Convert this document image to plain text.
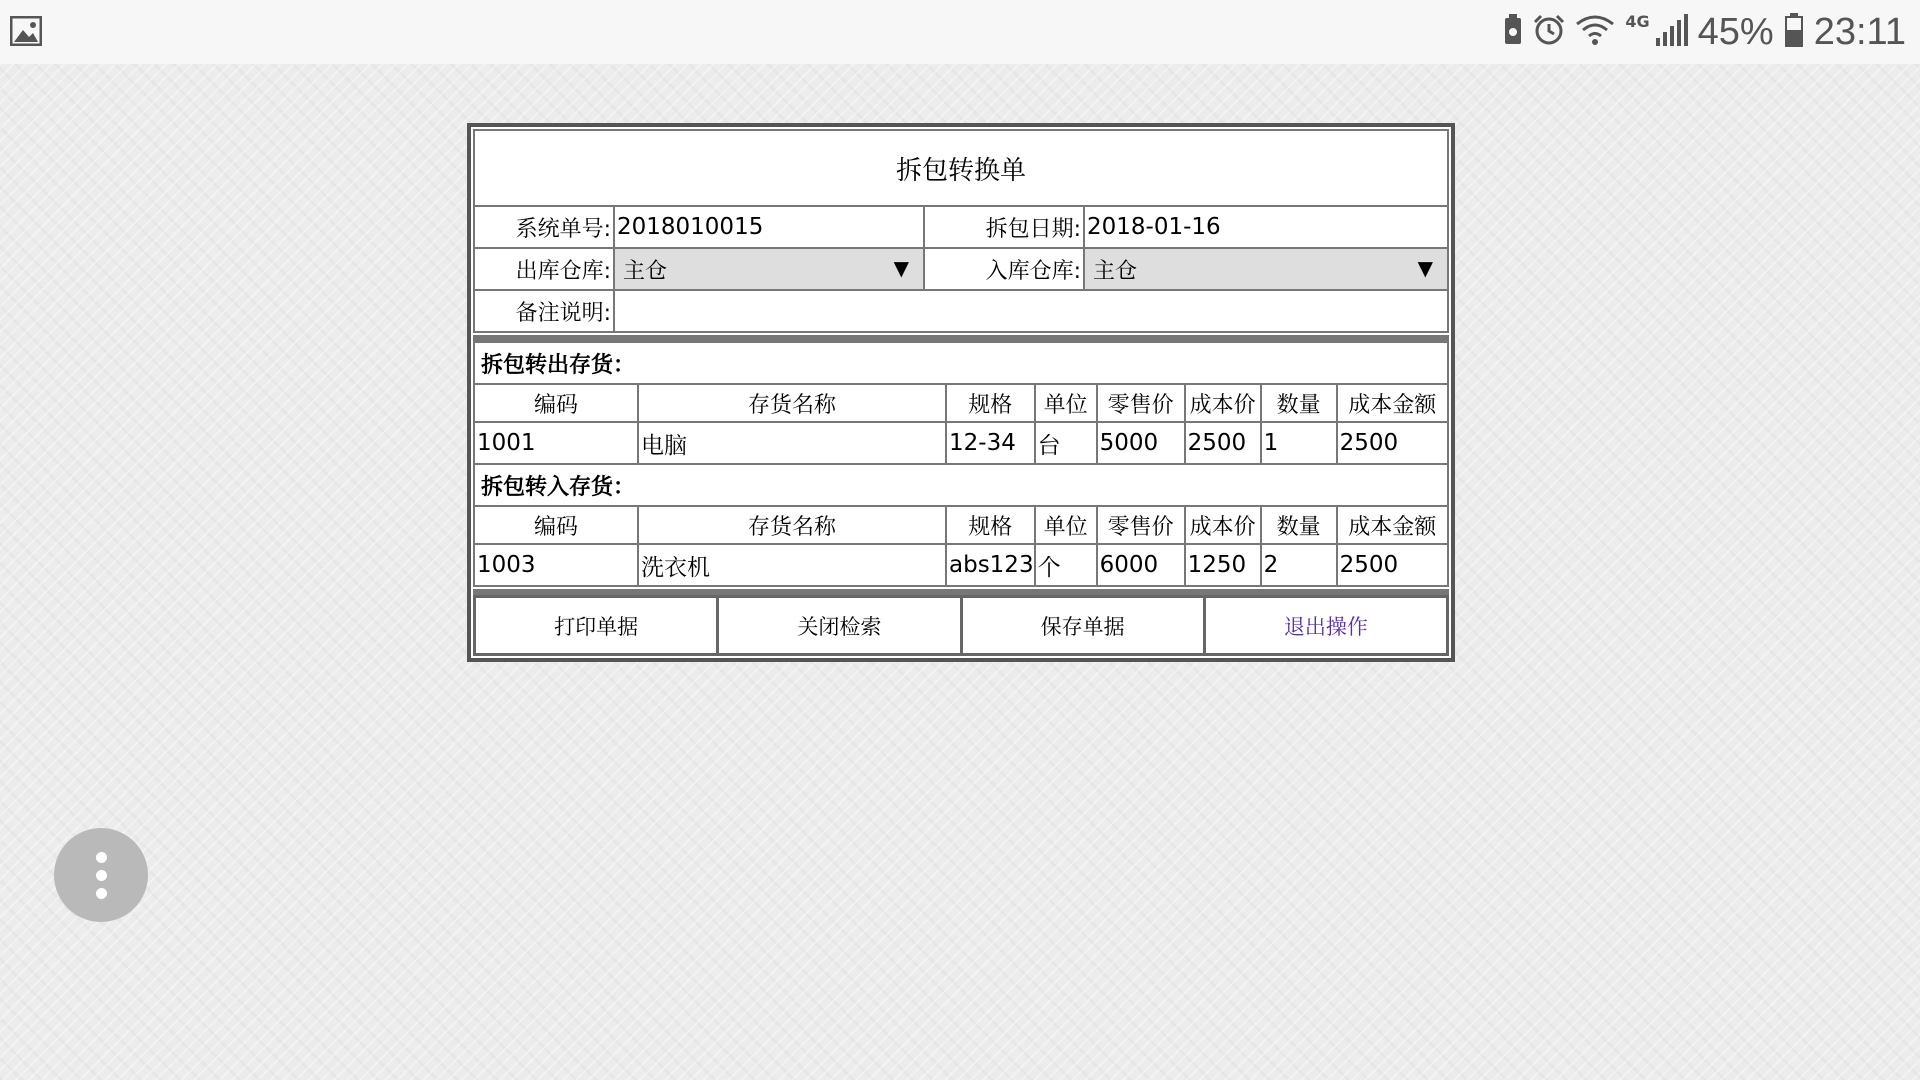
4G 45% 23:11
拆包转换单			
系统单号:	2018010015	拆包日期:	2018-01-16
出库仓库:	主仓 ▼	入库仓库:	主仓 ▼

备注说明:			
拆包转出存货：							
编码	存货名称	规格	单位	零售价	成本价	数量	成本金额
1001	电脑	12-34	台	5000	2500	1	2500
拆包转入存货：							
编码	存货名称	规格	单位	零售价	成本价	数量	成本金额
1003	洗衣机	abs123	个	6000	1250	2	2500
打印单据	关闭检索	保存单据	退出操作
